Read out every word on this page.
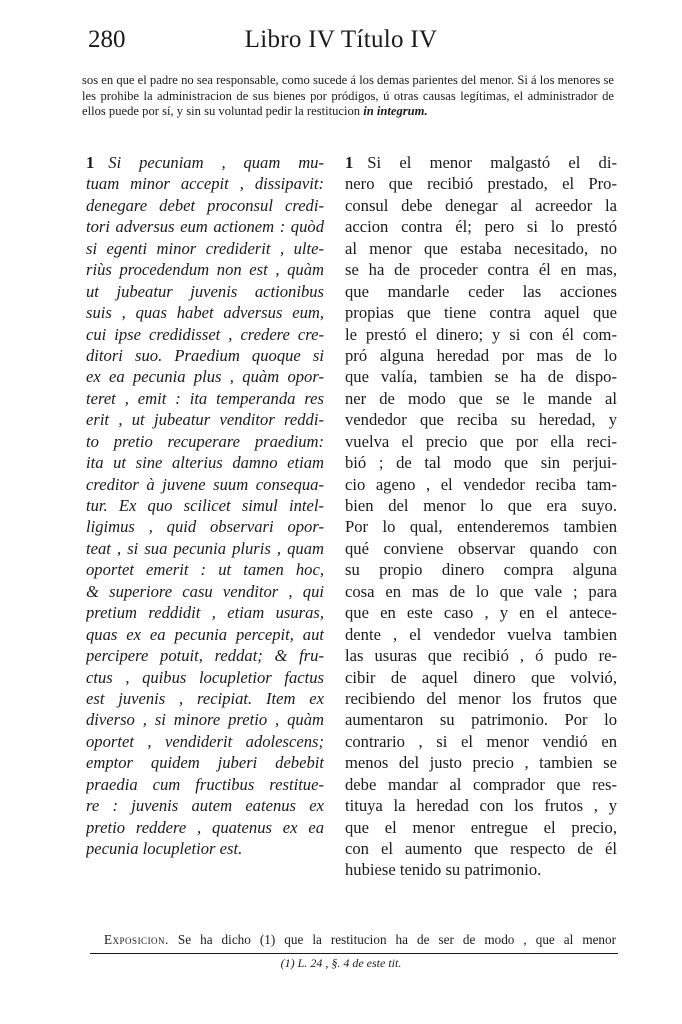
280	Libro IV Título IV
sos en que el padre no sea responsable, como sucede á los demas parientes del menor. Si á los menores se les prohibe la administracion de sus bienes por pródigos, ú otras causas legítimas, el administrador de ellos puede por sí, y sin su voluntad pedir la restitucion in integrum.
1 Si pecuniam , quam mu-
tuam minor accepit , dissipavit:
denegare debet proconsul credi-
tori adversus eum actionem : quòd
si egenti minor crediderit , ulte-
riùs procedendum non est , quàm
ut jubeatur juvenis actionibus
suis , quas habet adversus eum,
cui ipse credidisset , credere cre-
ditori suo. Praedium quoque si
ex ea pecunia plus , quàm opor-
teret , emit : ita temperanda res
erit , ut jubeatur venditor reddi-
to pretio recuperare praedium:
ita ut sine alterius damno etiam
creditor à juvene suum consequa-
tur. Ex quo scilicet simul intel-
ligimus , quid observari opor-
teat , si sua pecunia pluris , quam
oportet emerit : ut tamen hoc,
& superiore casu venditor , qui
pretium reddidit , etiam usuras,
quas ex ea pecunia percepit, aut
percipere potuit, reddat; & fru-
ctus , quibus locupletior factus
est juvenis , recipiat. Item ex
diverso , si minore pretio , quàm
oportet , vendiderit adolescens;
emptor quidem juberi debebit
praedia cum fructibus restitue-
re : juvenis autem eatenus ex
pretio reddere , quatenus ex ea
pecunia locupletior est.
1 Si el menor malgastó el di-
nero que recibió prestado, el Pro-
consul debe denegar al acreedor la
accion contra él; pero si lo prestó
al menor que estaba necesitado, no
se ha de proceder contra él en mas,
que mandarle ceder las acciones
propias que tiene contra aquel que
le prestó el dinero; y si con él com-
pró alguna heredad por mas de lo
que valía, tambien se ha de dispo-
ner de modo que se le mande al
vendedor que reciba su heredad, y
vuelva el precio que por ella reci-
bió ; de tal modo que sin perjui-
cio ageno , el vendedor reciba tam-
bien del menor lo que era suyo.
Por lo qual, entenderemos tambien
qué conviene observar quando con
su propio dinero compra alguna
cosa en mas de lo que vale ; para
que en este caso , y en el antece-
dente , el vendedor vuelva tambien
las usuras que recibió , ó pudo re-
cibir de aquel dinero que volvió,
recibiendo del menor los frutos que
aumentaron su patrimonio. Por lo
contrario , si el menor vendió en
menos del justo precio , tambien se
debe mandar al comprador que res-
tituya la heredad con los frutos , y
que el menor entregue el precio,
con el aumento que respecto de él
hubiese tenido su patrimonio.
Exposicion. Se ha dicho (1) que la restitucion ha de ser de modo , que al menor
(1) L. 24 , §. 4 de este tit.
